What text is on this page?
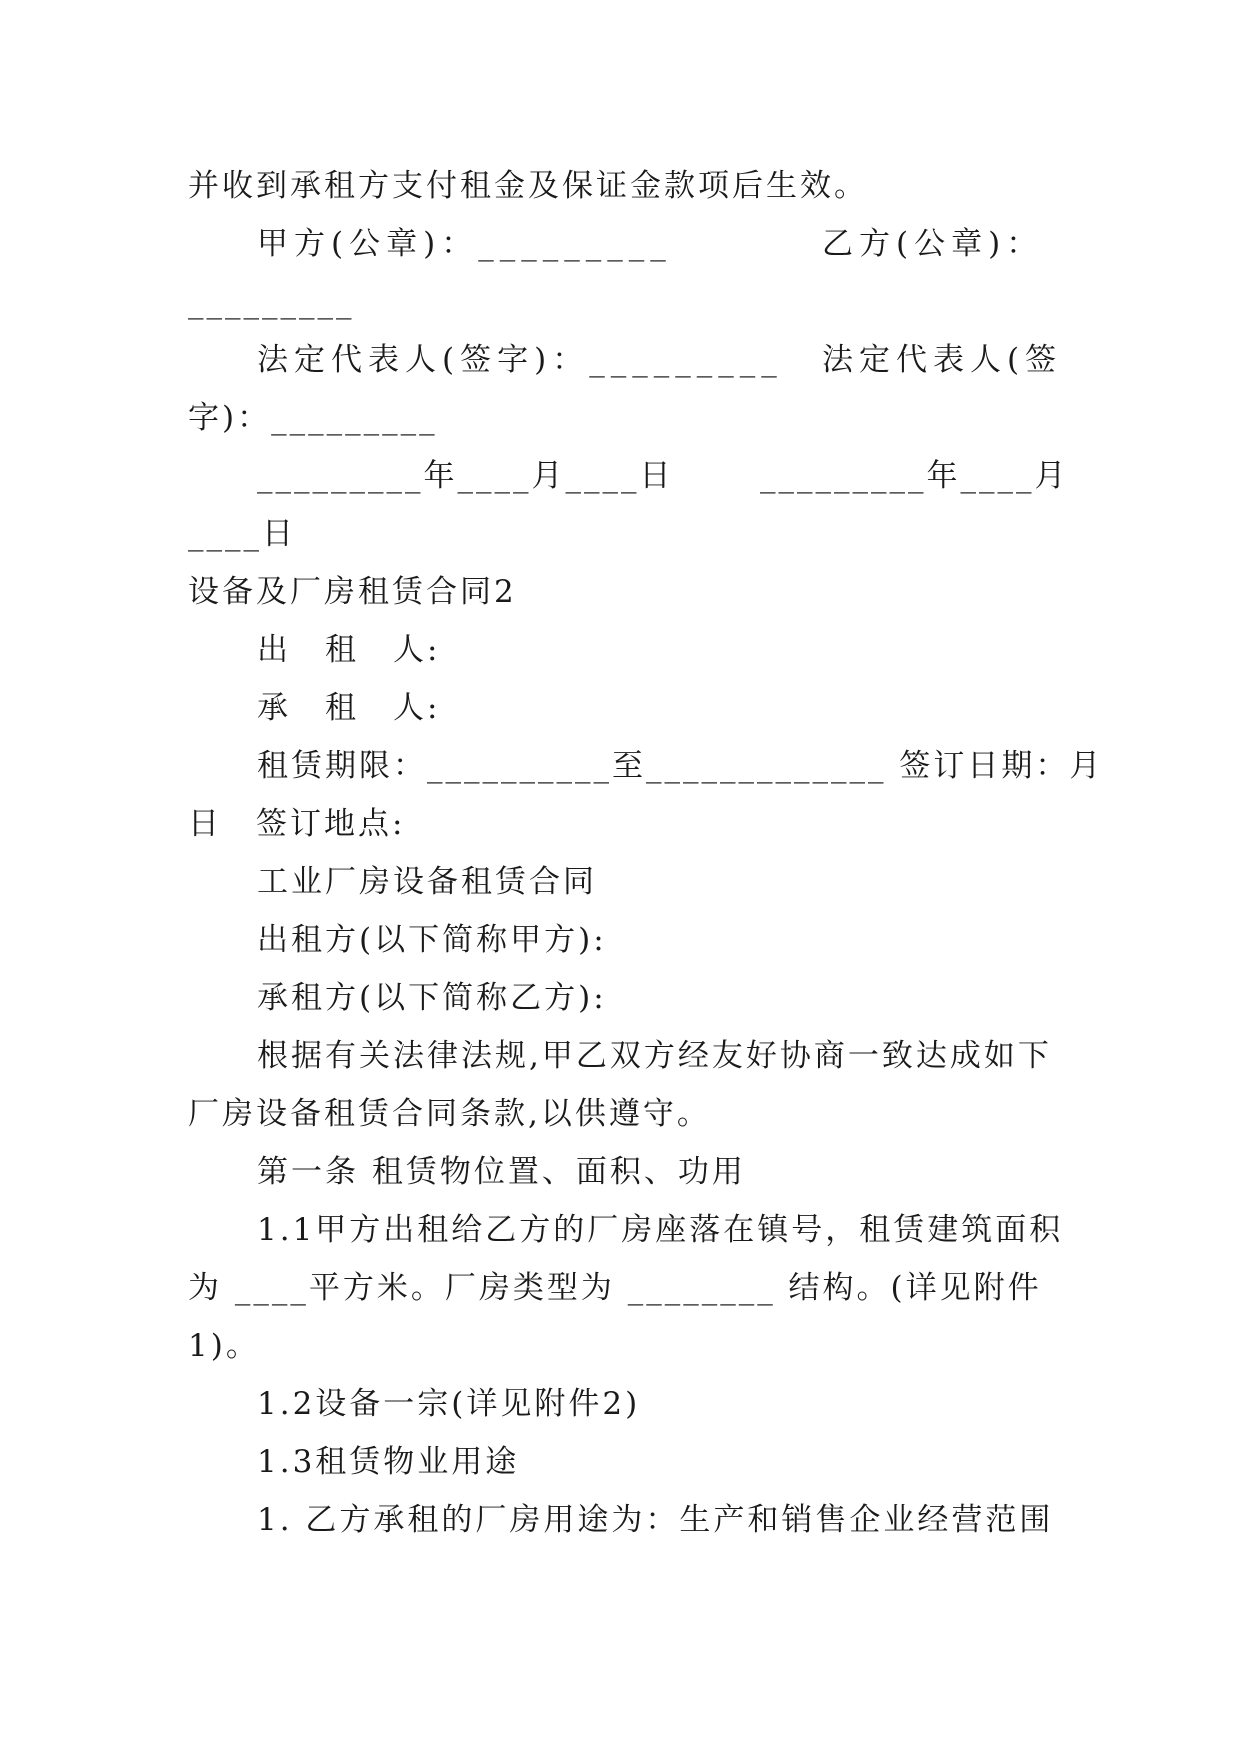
并收到承租方支付租金及保证金款项后生效。
甲方(公章)：_________	乙方(公章)：
_________
法定代表人(签字)：_________ 法定代表人(签
字)：_________
_________年____月____日	_________年____月
____日
设备及厂房租赁合同2
出　租　人:
承　租　人:
租赁期限：__________至_____________ 签订日期：月
日　签订地点:
工业厂房设备租赁合同
出租方(以下简称甲方):
承租方(以下简称乙方):
根据有关法律法规,甲乙双方经友好协商一致达成如下
厂房设备租赁合同条款,以供遵守。
第一条 租赁物位置、面积、功用
1.1甲方出租给乙方的厂房座落在镇号，租赁建筑面积
为 ____平方米。厂房类型为 ________ 结构。(详见附件
1)。
1.2设备一宗(详见附件2)
1.3租赁物业用途
1. 乙方承租的厂房用途为：生产和销售企业经营范围
